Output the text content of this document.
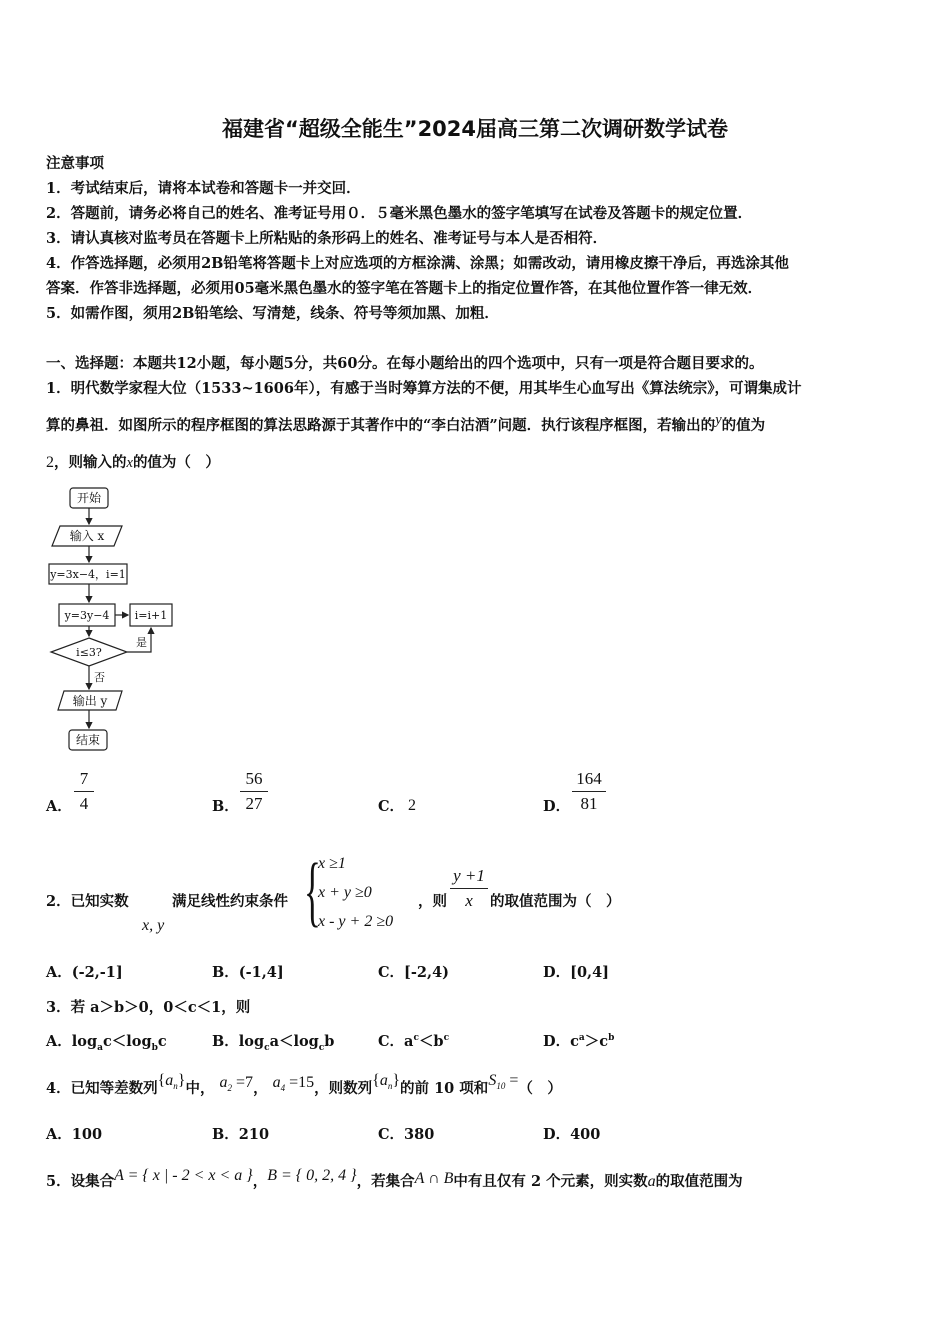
福建省“超级全能生”2024届高三第二次调研数学试卷
注意事项
1．考试结束后，请将本试卷和答题卡一并交回．
2．答题前，请务必将自己的姓名、准考证号用０．５毫米黑色墨水的签字笔填写在试卷及答题卡的规定位置．
3．请认真核对监考员在答题卡上所粘贴的条形码上的姓名、准考证号与本人是否相符．
4．作答选择题，必须用2B铅笔将答题卡上对应选项的方框涂满、涂黑；如需改动，请用橡皮擦干净后，再选涂其他
答案．作答非选择题，必须用05毫米黑色墨水的签字笔在答题卡上的指定位置作答，在其他位置作答一律无效．
5．如需作图，须用2B铅笔绘、写清楚，线条、符号等须加黑、加粗．
一、选择题：本题共12小题，每小题5分，共60分。在每小题给出的四个选项中，只有一项是符合题目要求的。
1．明代数学家程大位（1533~1606年），有感于当时筹算方法的不便，用其毕生心血写出《算法统宗》，可谓集成计
算的鼻祖．如图所示的程序框图的算法思路源于其著作中的“李白沽酒”问题．执行该程序框图，若输出的y的值为
2，则输入的x的值为（　）
开始
输入 x
y=3x−4，i=1
y=3y−4 i=i+1
i≤3?
是
否
输出 y
结束
A．
7
4	B．
56
27	C． 2	D．
164
81
2．已知实数
x, y
满足线性约束条件 {
x ≥1
x + y ≥0
x - y + 2 ≥0
，则
y +1
x	的取值范围为（　）
A．(-2,-1]	B．(-1,4]	C．[-2,4)	D．[0,4]
3．若 a＞b＞0，0＜c＜1，则
A．$\log_ac<\log_bc$	B．$\log_ca<\log_cb$	C．$a^c<b^c$	D．$c^a>c^b$
4．已知等差数列$\{a_n\}$中， $a_2 =7$， $a_4 =15$，则数列$\{a_n\}$的前 10 项和$S_{10}$ =（　）
A．100	B．210	C．380	D．400
5．设集合A = { x | - 2 < x < a }，B = { 0, 2, 4 }，若集合A ∩ B中有且仅有 2 个元素，则实数a的取值范围为
